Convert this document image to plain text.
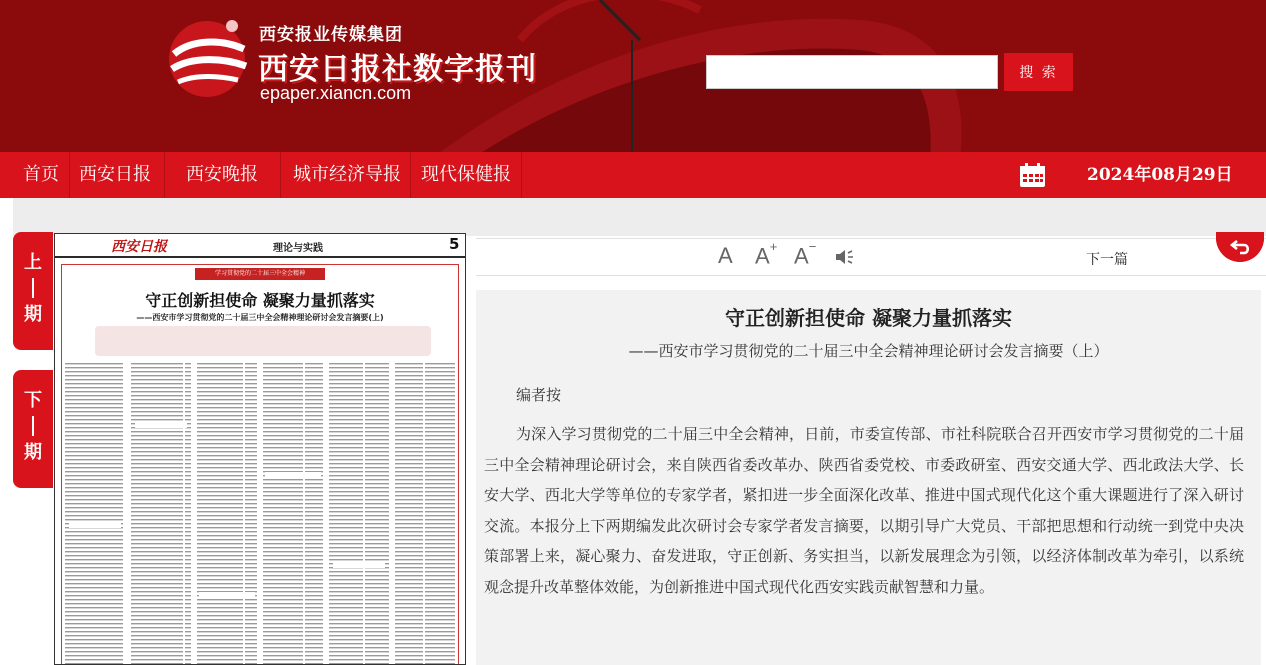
西安报业传媒集团
西安日报社数字报刊
epaper.xiancn.com
搜 索
首页 西安日报 西安晚报 城市经济导报 现代保健报	2024年08月29日
上
期
下
期
西安日报	理论与实践	5
学习贯彻党的二十届三中全会精神
守正创新担使命 凝聚力量抓落实
——西安市学习贯彻党的二十届三中全会精神理论研讨会发言摘要(上)
A A+ A−
下一篇
守正创新担使命 凝聚力量抓落实
——西安市学习贯彻党的二十届三中全会精神理论研讨会发言摘要（上）
编者按
为深入学习贯彻党的二十届三中全会精神，日前，市委宣传部、市社科院联合召开西安市学习贯彻党的二十届三中全会精神理论研讨会，来自陕西省委改革办、陕西省委党校、市委政研室、西安交通大学、西北政法大学、长安大学、西北大学等单位的专家学者，紧扣进一步全面深化改革、推进中国式现代化这个重大课题进行了深入研讨交流。本报分上下两期编发此次研讨会专家学者发言摘要，以期引导广大党员、干部把思想和行动统一到党中央决策部署上来，凝心聚力、奋发进取，守正创新、务实担当，以新发展理念为引领，以经济体制改革为牵引，以系统观念提升改革整体效能，为创新推进中国式现代化西安实践贡献智慧和力量。
